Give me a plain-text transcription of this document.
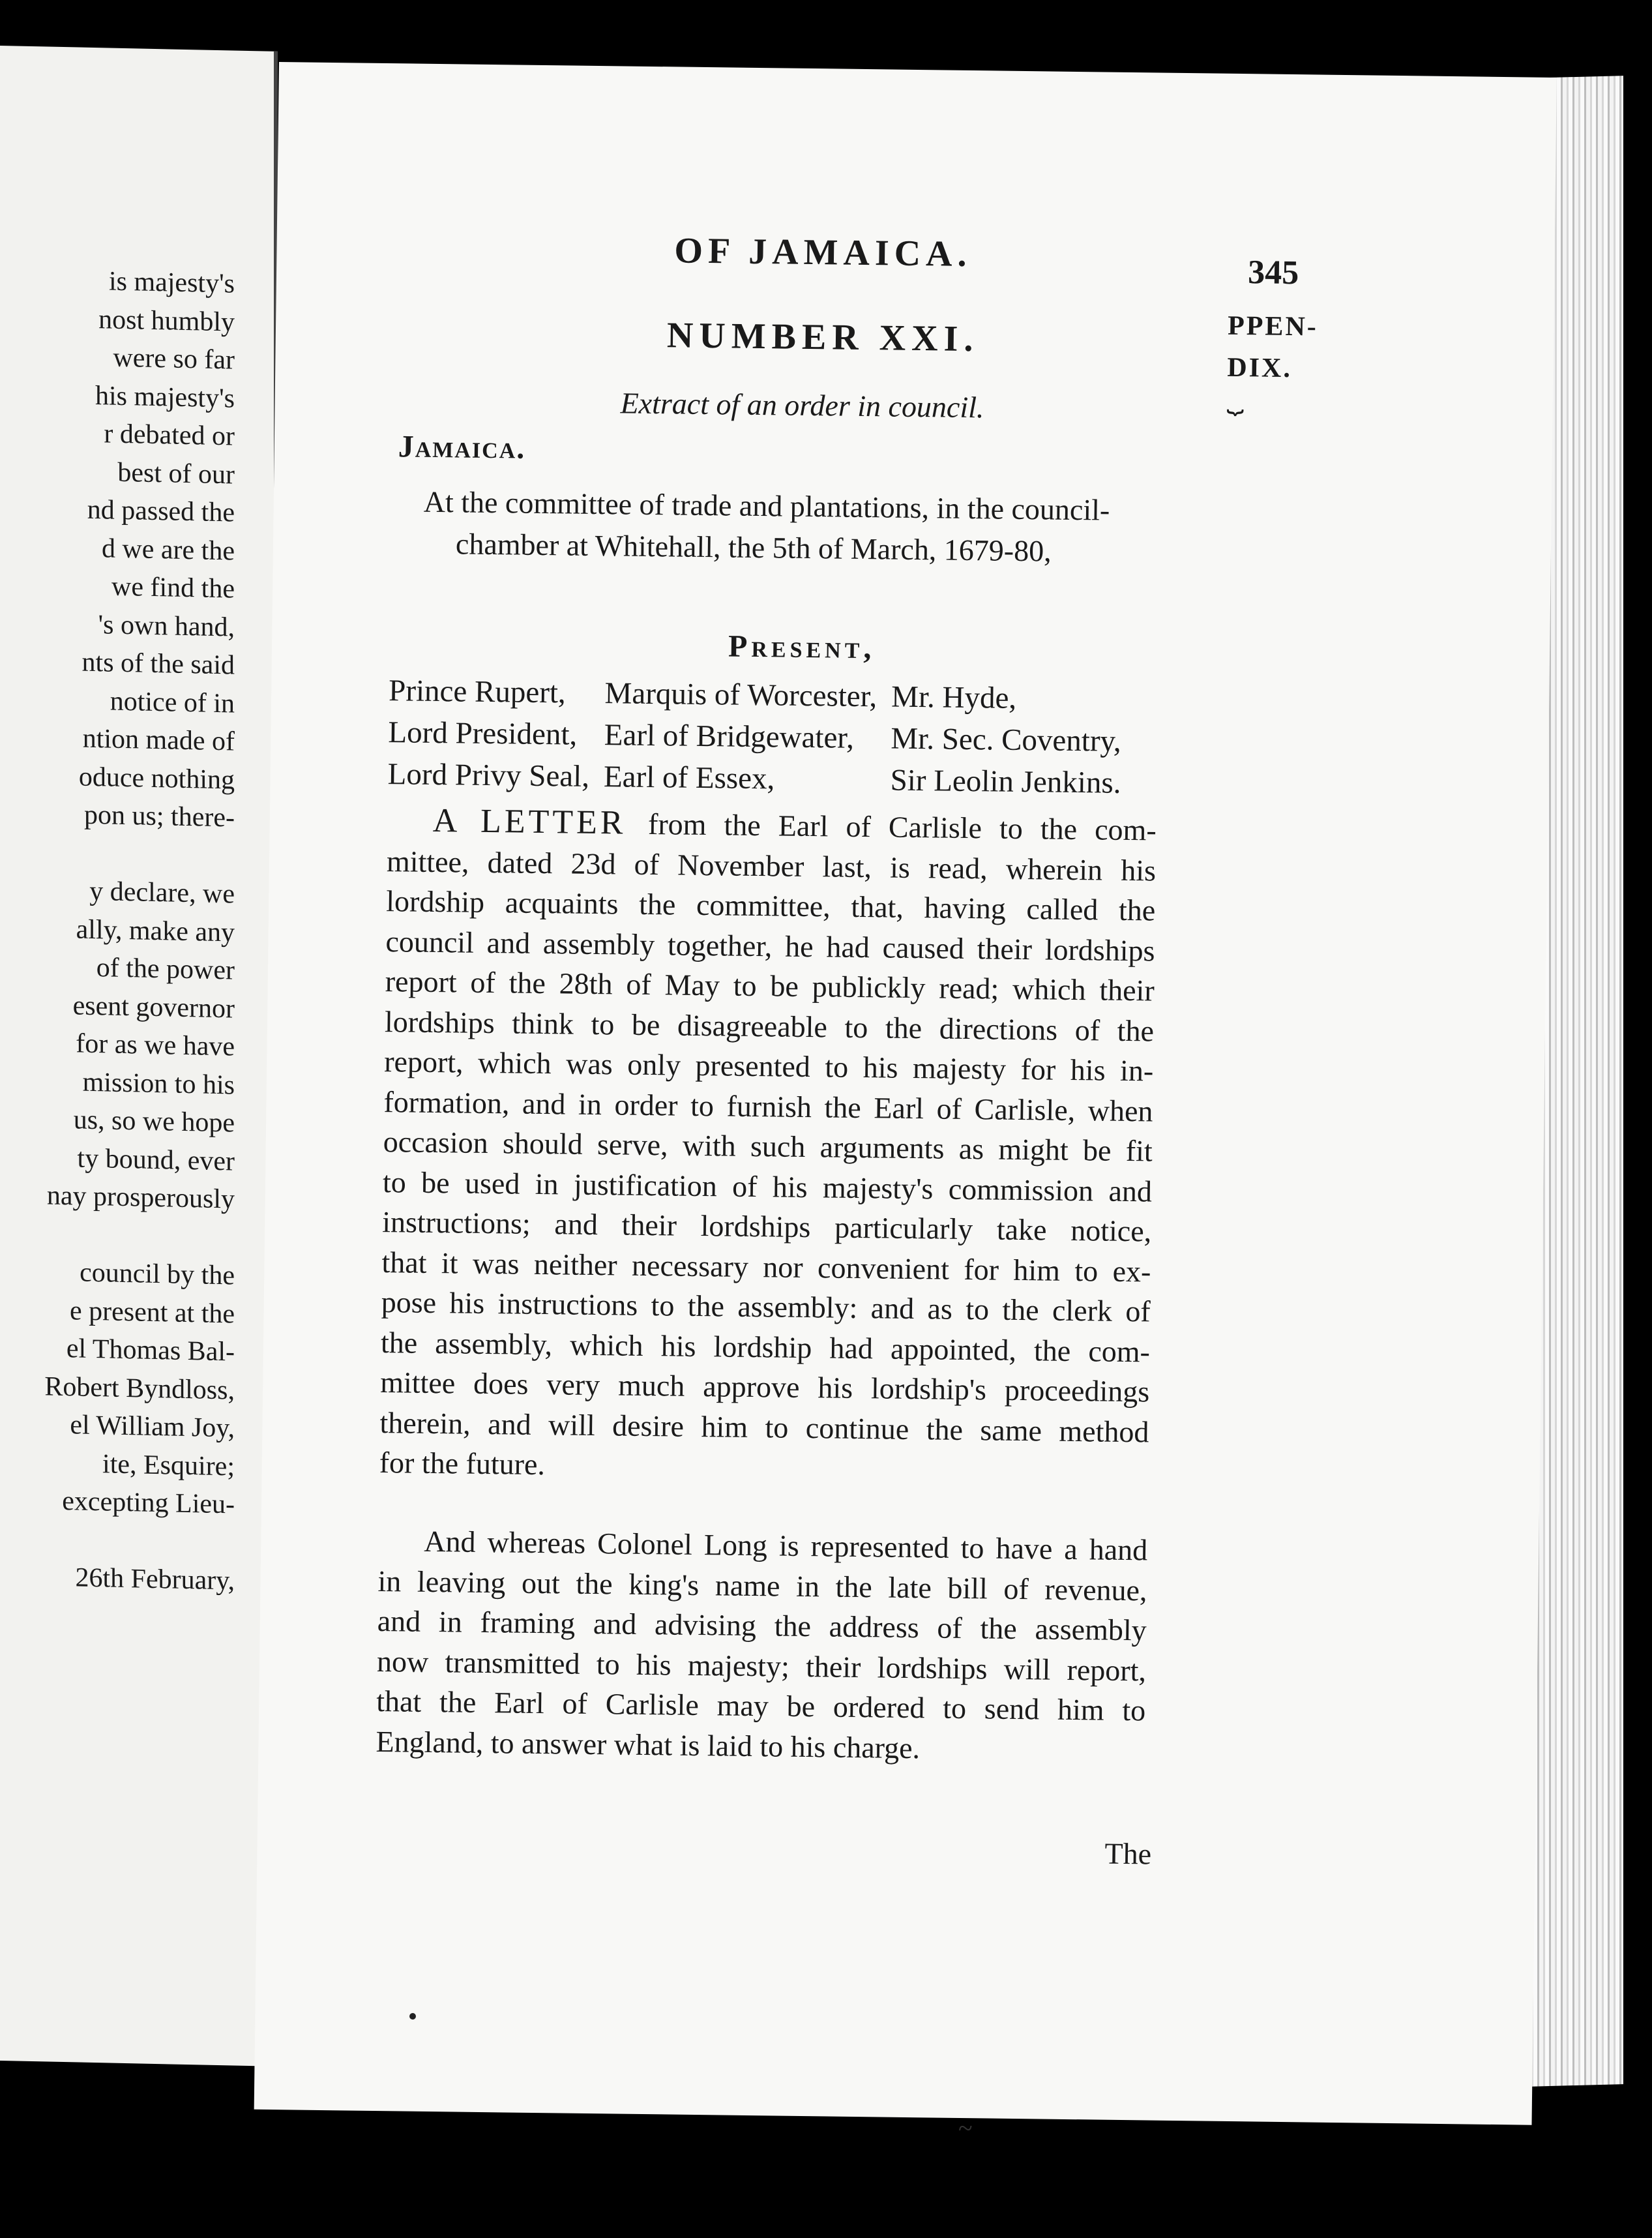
is majesty's
nost humbly
were so far
his majesty's
r debated or
best of our
nd passed the
d we are the
we find the
's own hand,
nts of the said
notice of in
ntion made of
oduce nothing
pon us; there-
y declare, we
ally, make any
of the power
esent governor
for as we have
mission to his
us, so we hope
ty bound, ever
nay prosperously
council by the
e present at the
el Thomas Bal-
Robert Byndloss,
el William Joy,
ite, Esquire;
excepting Lieu-
26th February,
OF JAMAICA.	345
PPEN-
DIX.
⏟
NUMBER XXI.
Extract of an order in council.
Jamaica.
At the committee of trade and plantations, in the council-chamber at Whitehall, the 5th of March, 1679-80,
Present,
Prince Rupert,	Marquis of Worcester,	Mr. Hyde,
Lord President,	Earl of Bridgewater,	Mr. Sec. Coventry,
Lord Privy Seal,	Earl of Essex,	Sir Leolin Jenkins.
A LETTER from the Earl of Carlisle to the com-
mittee, dated 23d of November last, is read, wherein his
lordship acquaints the committee, that, having called the
council and assembly together, he had caused their lordships
report of the 28th of May to be publickly read; which their
lordships think to be disagreeable to the directions of the
report, which was only presented to his majesty for his in-
formation, and in order to furnish the Earl of Carlisle, when
occasion should serve, with such arguments as might be fit
to be used in justification of his majesty's commission and
instructions; and their lordships particularly take notice,
that it was neither necessary nor convenient for him to ex-
pose his instructions to the assembly: and as to the clerk of
the assembly, which his lordship had appointed, the com-
mittee does very much approve his lordship's proceedings
therein, and will desire him to continue the same method
for the future.
And whereas Colonel Long is represented to have a hand
in leaving out the king's name in the late bill of revenue,
and in framing and advising the address of the assembly
now transmitted to his majesty; their lordships will report,
that the Earl of Carlisle may be ordered to send him to
England, to answer what is laid to his charge.
The
~
